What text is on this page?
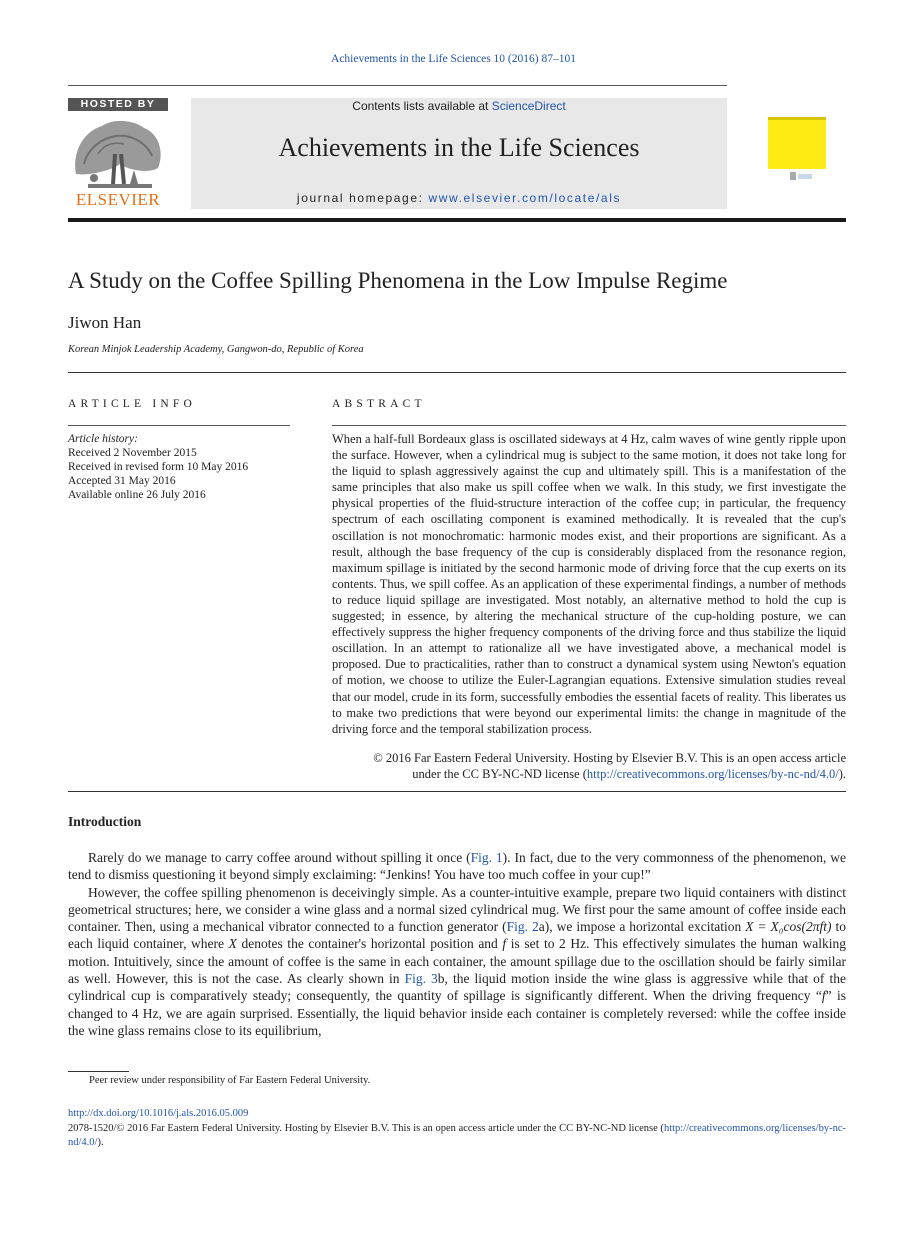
Achievements in the Life Sciences 10 (2016) 87–101
HOSTED BY
ELSEVIER
Contents lists available at ScienceDirect
Achievements in the Life Sciences
journal homepage: www.elsevier.com/locate/als
A Study on the Coffee Spilling Phenomena in the Low Impulse Regime
Jiwon Han
Korean Minjok Leadership Academy, Gangwon-do, Republic of Korea
ARTICLE INFO
Article history:
Received 2 November 2015
Received in revised form 10 May 2016
Accepted 31 May 2016
Available online 26 July 2016
ABSTRACT
When a half-full Bordeaux glass is oscillated sideways at 4 Hz, calm waves of wine gently ripple upon the surface. However, when a cylindrical mug is subject to the same motion, it does not take long for the liquid to splash aggressively against the cup and ultimately spill. This is a manifestation of the same principles that also make us spill coffee when we walk. In this study, we first investigate the physical properties of the fluid-structure interaction of the coffee cup; in particular, the frequency spectrum of each oscillating component is examined methodically. It is revealed that the cup's oscillation is not monochromatic: harmonic modes exist, and their proportions are significant. As a result, although the base frequency of the cup is considerably displaced from the resonance region, maximum spillage is initiated by the second harmonic mode of driving force that the cup exerts on its contents. Thus, we spill coffee. As an application of these experimental findings, a number of methods to reduce liquid spillage are investigated. Most notably, an alternative method to hold the cup is suggested; in essence, by altering the mechanical structure of the cup-holding posture, we can effectively suppress the higher frequency components of the driving force and thus stabilize the liquid oscillation. In an attempt to rationalize all we have investigated above, a mechanical model is proposed. Due to practicalities, rather than to construct a dynamical system using Newton's equation of motion, we choose to utilize the Euler-Lagrangian equations. Extensive simulation studies reveal that our model, crude in its form, successfully embodies the essential facets of reality. This liberates us to make two predictions that were beyond our experimental limits: the change in magnitude of the driving force and the temporal stabilization process.
© 2016 Far Eastern Federal University. Hosting by Elsevier B.V. This is an open access article
under the CC BY-NC-ND license (http://creativecommons.org/licenses/by-nc-nd/4.0/).
Introduction

Rarely do we manage to carry coffee around without spilling it once (Fig. 1). In fact, due to the very commonness of the phenomenon, we tend to dismiss questioning it beyond simply exclaiming: “Jenkins! You have too much coffee in your cup!”

However, the coffee spilling phenomenon is deceivingly simple. As a counter-intuitive example, prepare two liquid containers with distinct geometrical structures; here, we consider a wine glass and a normal sized cylindrical mug. We first pour the same amount of coffee inside each container. Then, using a mechanical vibrator connected to a function generator (Fig. 2a), we impose a horizontal excitation X = X₀cos(2πft) to each liquid container, where X denotes the container's horizontal position and f is set to 2 Hz. This effectively simulates the human walking motion. Intuitively, since the amount of coffee is the same in each container, the amount spillage due to the oscillation should be fairly similar as well. However, this is not the case. As clearly shown in Fig. 3b, the liquid motion inside the wine glass is aggressive while that of the cylindrical cup is comparatively steady; consequently, the quantity of spillage is significantly different. When the driving frequency “f” is changed to 4 Hz, we are again surprised. Essentially, the liquid behavior inside each container is completely reversed: while the coffee inside the wine glass remains close to its equilibrium,

Peer review under responsibility of Far Eastern Federal University.
http://dx.doi.org/10.1016/j.als.2016.05.009
2078-1520/© 2016 Far Eastern Federal University. Hosting by Elsevier B.V. This is an open access article under the CC BY-NC-ND license (http://creativecommons.org/licenses/by-nc-nd/4.0/).
